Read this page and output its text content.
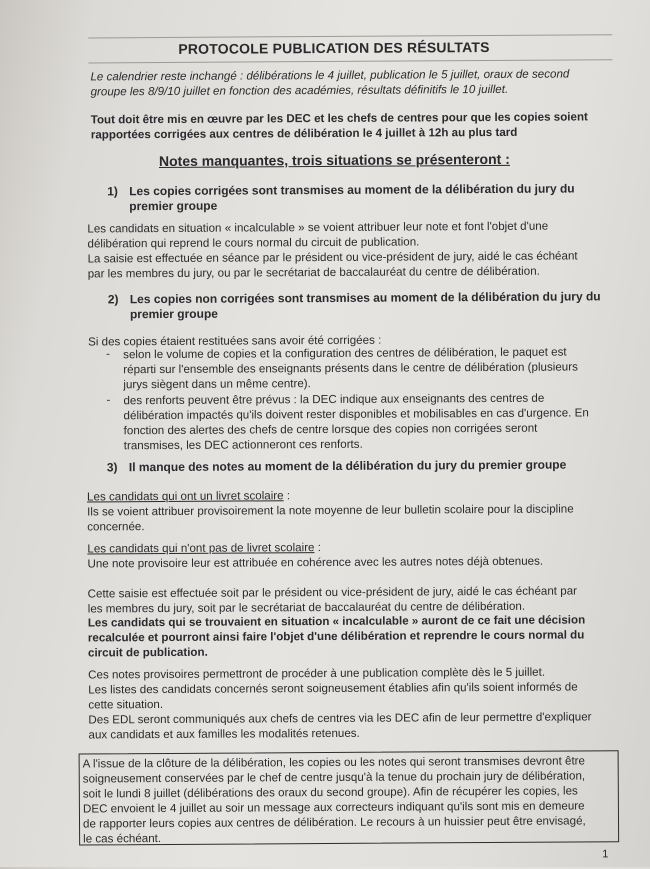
PROTOCOLE PUBLICATION DES RÉSULTATS
Le calendrier reste inchangé : délibérations le 4 juillet, publication le 5 juillet, oraux de second
groupe les 8/9/10 juillet en fonction des académies, résultats définitifs le 10 juillet.
Tout doit être mis en œuvre par les DEC et les chefs de centres pour que les copies soient
rapportées corrigées aux centres de délibération le 4 juillet à 12h au plus tard
Notes manquantes, trois situations se présenteront :
1) Les copies corrigées sont transmises au moment de la délibération du jury du
premier groupe
Les candidats en situation « incalculable » se voient attribuer leur note et font l'objet d'une
délibération qui reprend le cours normal du circuit de publication.
La saisie est effectuée en séance par le président ou vice-président de jury, aidé le cas échéant
par les membres du jury, ou par le secrétariat de baccalauréat du centre de délibération.
2) Les copies non corrigées sont transmises au moment de la délibération du jury du
premier groupe
Si des copies étaient restituées sans avoir été corrigées :
- selon le volume de copies et la configuration des centres de délibération, le paquet est
réparti sur l'ensemble des enseignants présents dans le centre de délibération (plusieurs
jurys siègent dans un même centre).
- des renforts peuvent être prévus : la DEC indique aux enseignants des centres de
délibération impactés qu'ils doivent rester disponibles et mobilisables en cas d'urgence. En
fonction des alertes des chefs de centre lorsque des copies non corrigées seront
transmises, les DEC actionneront ces renforts.
3) Il manque des notes au moment de la délibération du jury du premier groupe
Les candidats qui ont un livret scolaire :
Ils se voient attribuer provisoirement la note moyenne de leur bulletin scolaire pour la discipline
concernée.
Les candidats qui n'ont pas de livret scolaire :
Une note provisoire leur est attribuée en cohérence avec les autres notes déjà obtenues.
Cette saisie est effectuée soit par le président ou vice-président de jury, aidé le cas échéant par
les membres du jury, soit par le secrétariat de baccalauréat du centre de délibération.
Les candidats qui se trouvaient en situation « incalculable » auront de ce fait une décision
recalculée et pourront ainsi faire l'objet d'une délibération et reprendre le cours normal du
circuit de publication.
Ces notes provisoires permettront de procéder à une publication complète dès le 5 juillet.
Les listes des candidats concernés seront soigneusement établies afin qu'ils soient informés de
cette situation.
Des EDL seront communiqués aux chefs de centres via les DEC afin de leur permettre d'expliquer
aux candidats et aux familles les modalités retenues.
A l'issue de la clôture de la délibération, les copies ou les notes qui seront transmises devront être
soigneusement conservées par le chef de centre jusqu'à la tenue du prochain jury de délibération,
soit le lundi 8 juillet (délibérations des oraux du second groupe). Afin de récupérer les copies, les
DEC envoient le 4 juillet au soir un message aux correcteurs indiquant qu'ils sont mis en demeure
de rapporter leurs copies aux centres de délibération. Le recours à un huissier peut être envisagé,
le cas échéant.
1
